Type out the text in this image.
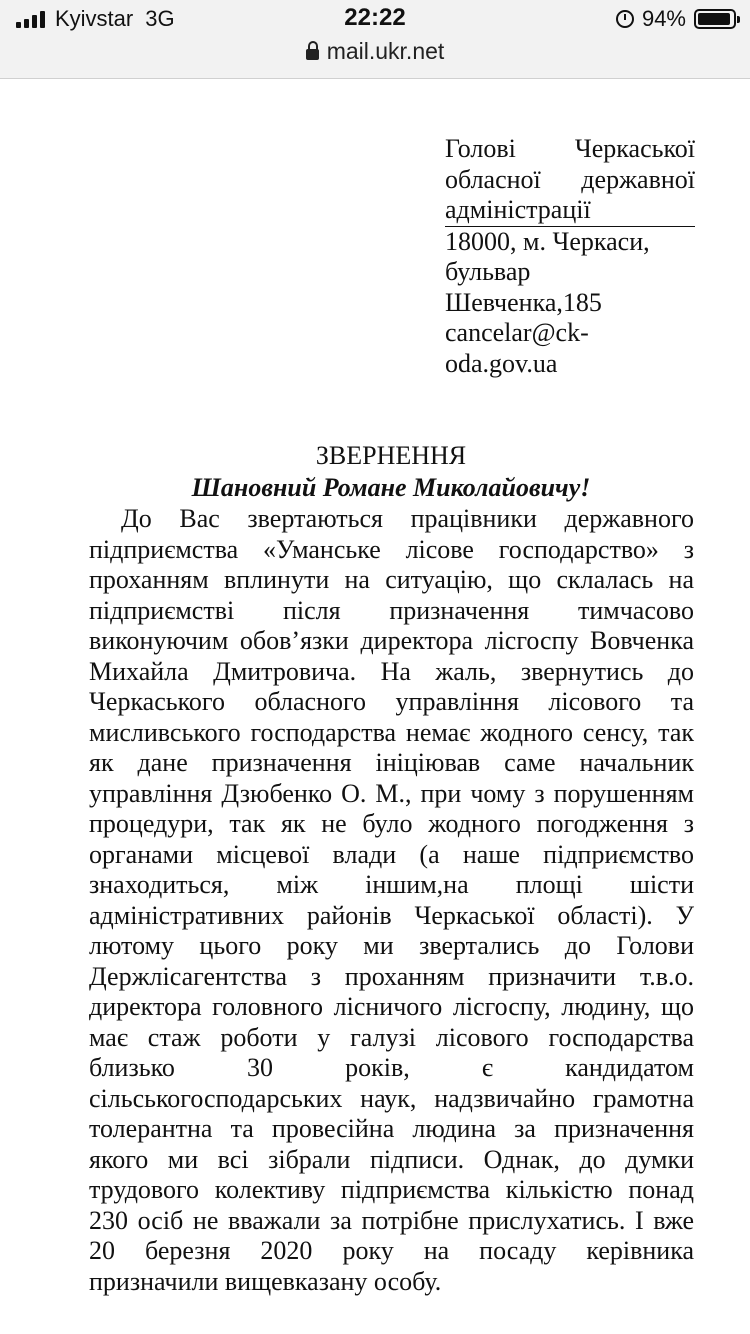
Kyivstar 3G	22:22	94%
mail.ukr.net
Голові Черкаської
обласної державної
адміністрації
18000, м. Черкаси,
бульвар
Шевченка,185
cancelar@ck-
oda.gov.ua
ЗВЕРНЕННЯ
Шановний Романе Миколайовичу!
До Вас звертаються працівники державного
підприємства «Уманське лісове господарство» з
проханням вплинути на ситуацію, що склалась на
підприємстві після призначення тимчасово
виконуючим обов’язки директора лісгоспу Вовченка
Михайла Дмитровича. На жаль, звернутись до
Черкаського обласного управління лісового та
мисливського господарства немає жодного сенсу, так
як дане призначення ініціював саме начальник
управління Дзюбенко О. М., при чому з порушенням
процедури, так як не було жодного погодження з
органами місцевої влади (а наше підприємство
знаходиться, між іншим,на площі шісти
адміністративних районів Черкаської області). У
лютому цього року ми звертались до Голови
Держлісагентства з проханням призначити т.в.о.
директора головного лісничого лісгоспу, людину, що
має стаж роботи у галузі лісового господарства
близько 30 років, є кандидатом
сільськогосподарських наук, надзвичайно грамотна
толерантна та провесійна людина за призначення
якого ми всі зібрали підписи. Однак, до думки
трудового колективу підприємства кількістю понад
230 осіб не вважали за потрібне прислухатись. І вже
20 березня 2020 року на посаду керівника
призначили вищевказану особу.
